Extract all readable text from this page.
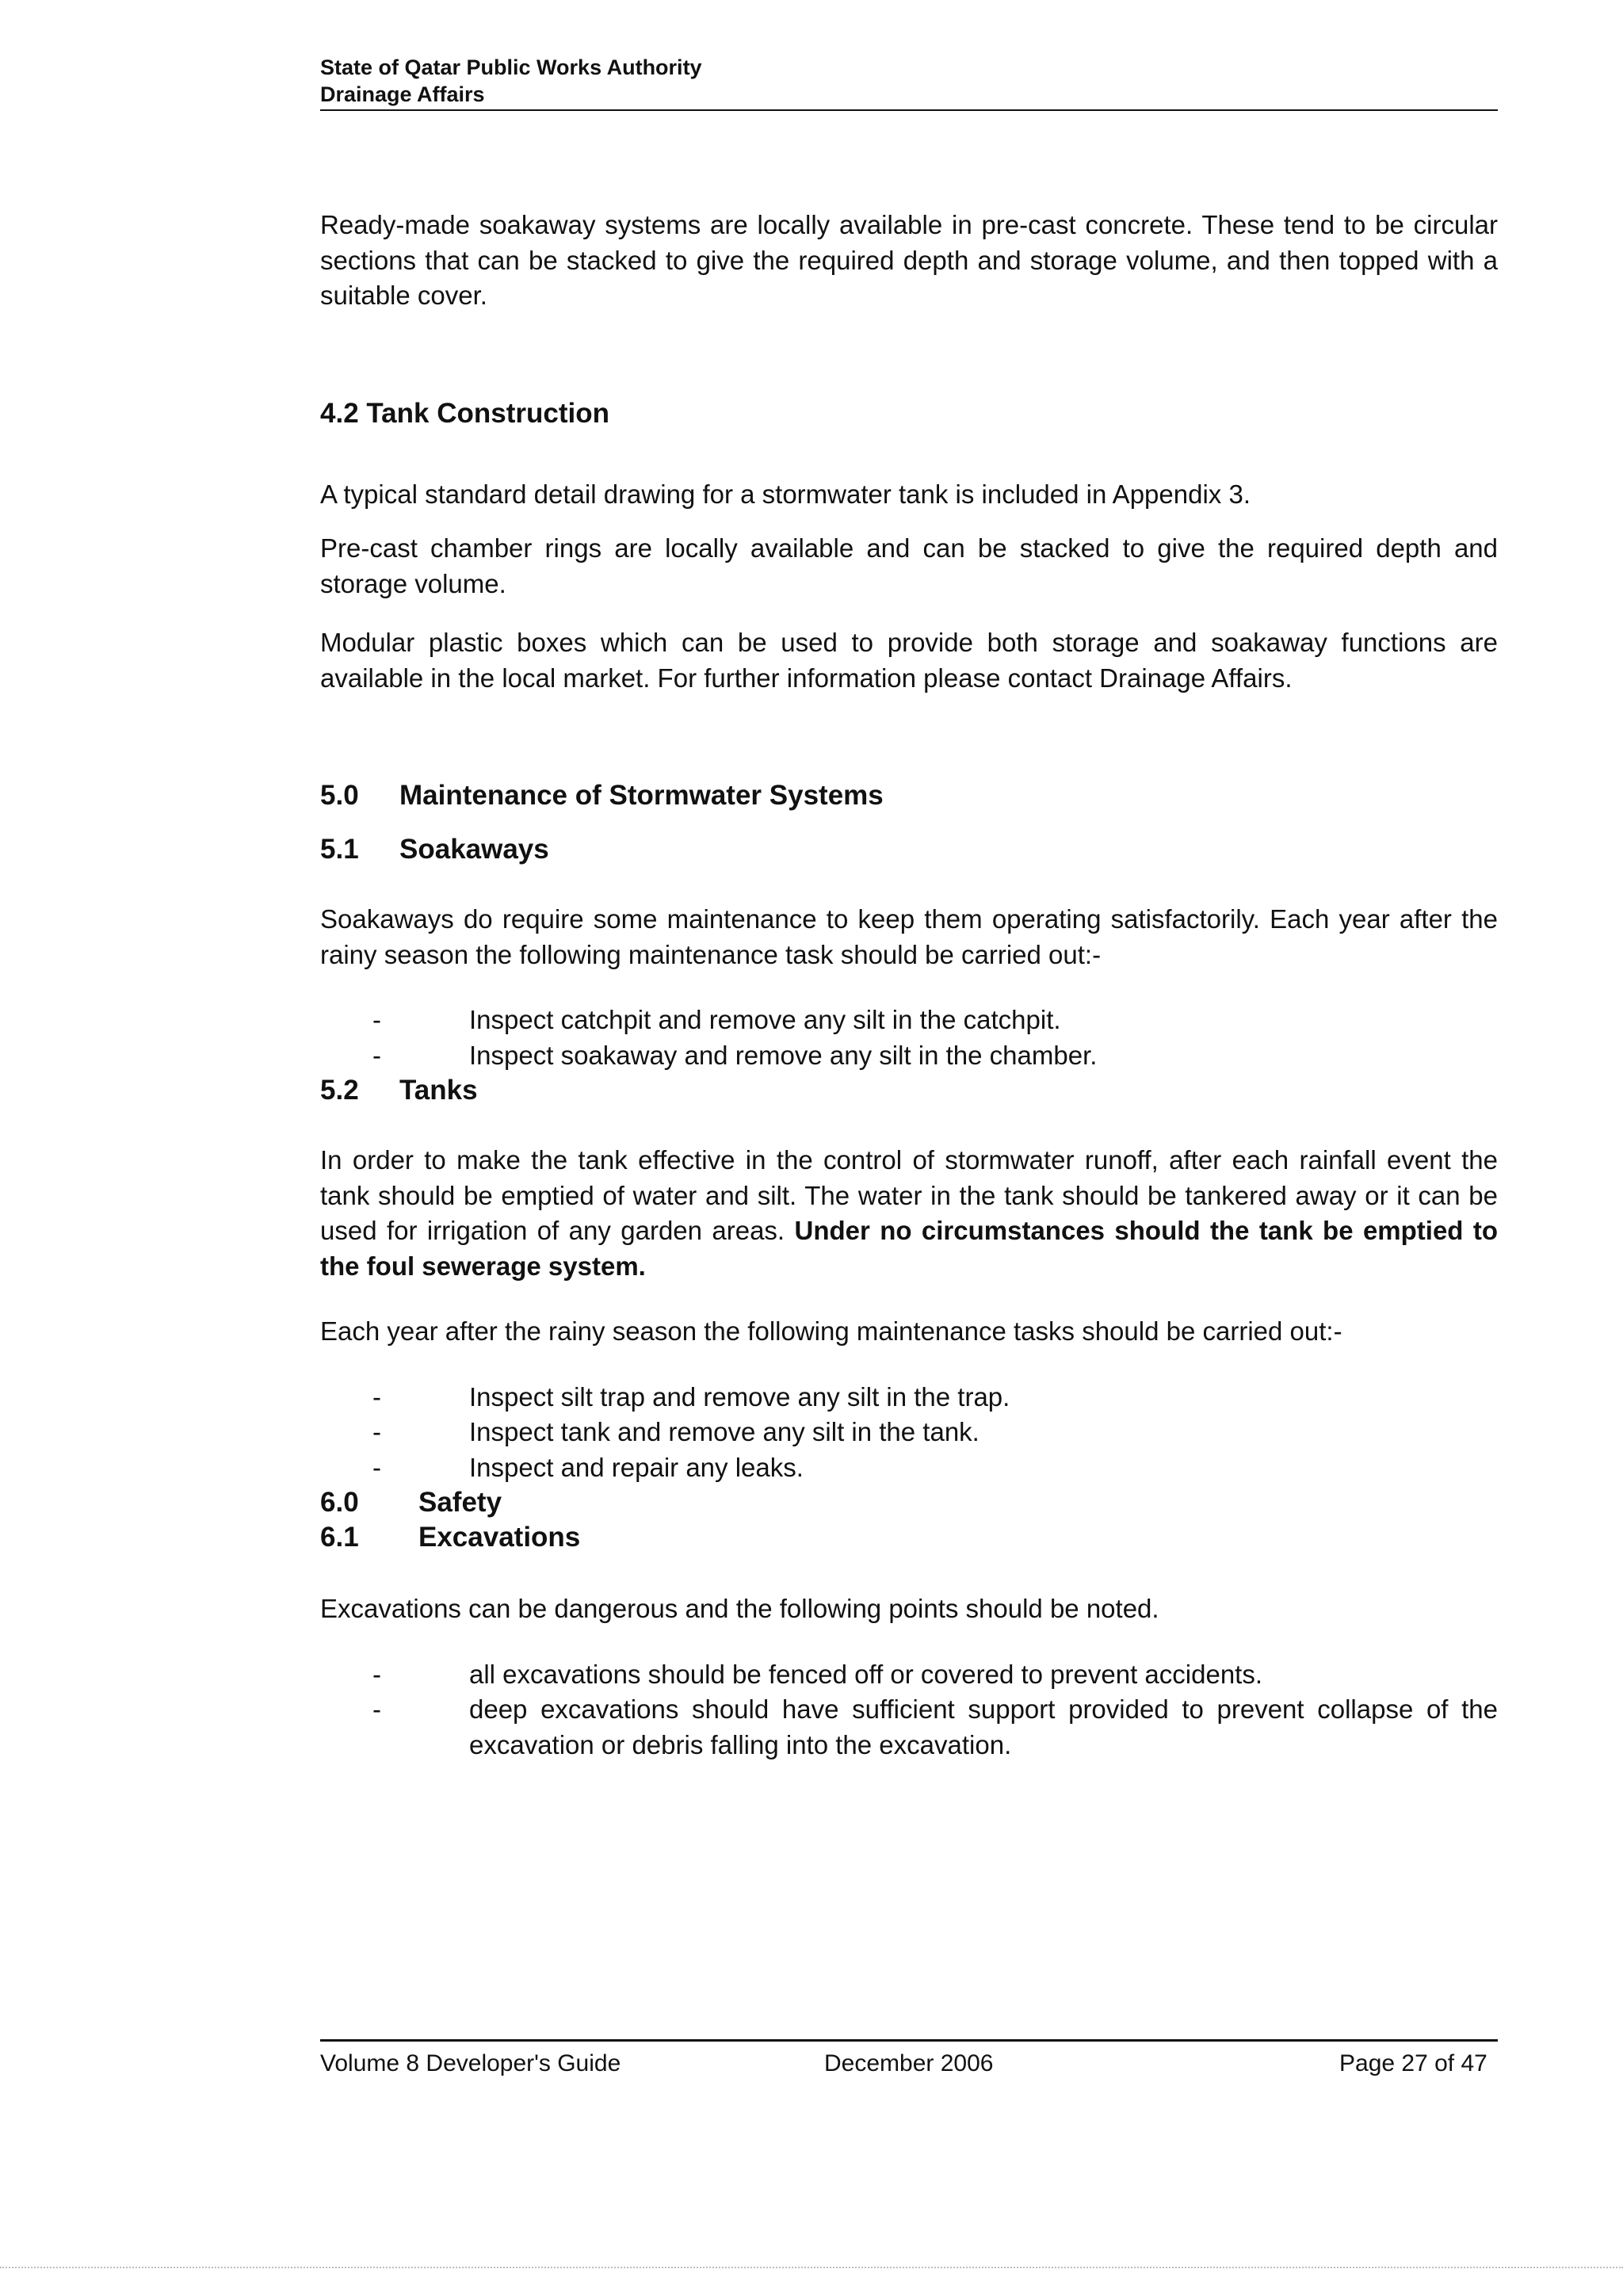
State of Qatar Public Works Authority
Drainage Affairs

Ready-made soakaway systems are locally available in pre-cast concrete. These tend to be circular sections that can be stacked to give the required depth and storage volume, and then topped with a suitable cover.

4.2 Tank Construction

A typical standard detail drawing for a stormwater tank is included in Appendix 3.

Pre-cast chamber rings are locally available and can be stacked to give the required depth and storage volume.

Modular plastic boxes which can be used to provide both storage and soakaway functions are available in the local market. For further information please contact Drainage Affairs.

5.0 Maintenance of Stormwater Systems
5.1 Soakaways

Soakaways do require some maintenance to keep them operating satisfactorily. Each year after the rainy season the following maintenance task should be carried out:-

-	Inspect catchpit and remove any silt in the catchpit.
-	Inspect soakaway and remove any silt in the chamber.
5.2 Tanks

In order to make the tank effective in the control of stormwater runoff, after each rainfall event the tank should be emptied of water and silt. The water in the tank should be tankered away or it can be used for irrigation of any garden areas. Under no circumstances should the tank be emptied to the foul sewerage system.

Each year after the rainy season the following maintenance tasks should be carried out:-

-	Inspect silt trap and remove any silt in the trap.
-	Inspect tank and remove any silt in the tank.
-	Inspect and repair any leaks.
6.0 Safety
6.1 Excavations

Excavations can be dangerous and the following points should be noted.

-	all excavations should be fenced off or covered to prevent accidents.
-	deep excavations should have sufficient support provided to prevent collapse of the excavation or debris falling into the excavation.
Volume 8 Developer's Guide	December 2006	Page 27 of 47
